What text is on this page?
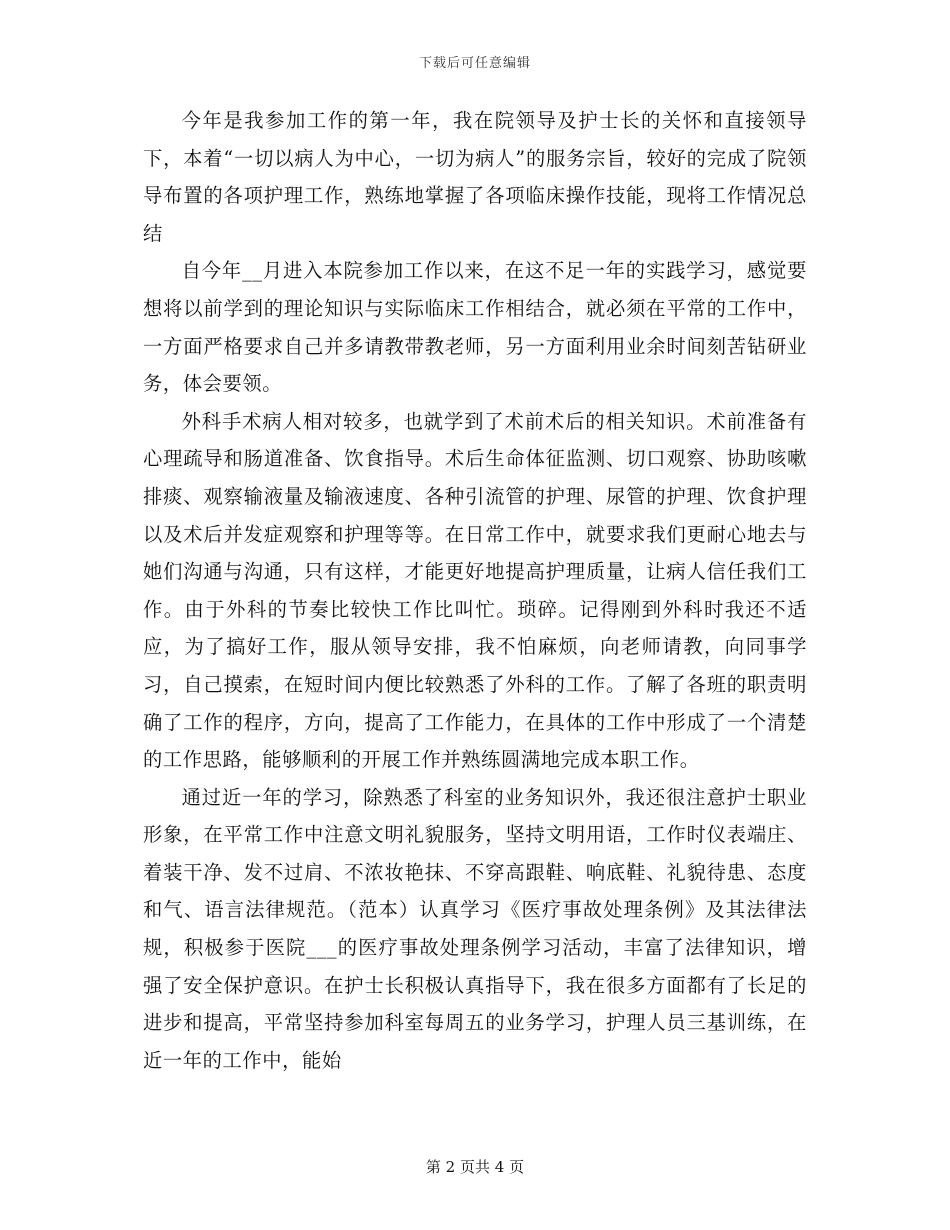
下载后可任意编辑

今年是我参加工作的第一年，我在院领导及护士长的关怀和直接领导下，本着“一切以病人为中心，一切为病人”的服务宗旨，较好的完成了院领导布置的各项护理工作，熟练地掌握了各项临床操作技能，现将工作情况总结

自今年__月进入本院参加工作以来，在这不足一年的实践学习，感觉要想将以前学到的理论知识与实际临床工作相结合，就必须在平常的工作中，一方面严格要求自己并多请教带教老师，另一方面利用业余时间刻苦钻研业务，体会要领。

外科手术病人相对较多，也就学到了术前术后的相关知识。术前准备有心理疏导和肠道准备、饮食指导。术后生命体征监测、切口观察、协助咳嗽排痰、观察输液量及输液速度、各种引流管的护理、尿管的护理、饮食护理以及术后并发症观察和护理等等。在日常工作中，就要求我们更耐心地去与她们沟通与沟通，只有这样，才能更好地提高护理质量，让病人信任我们工作。由于外科的节奏比较快工作比叫忙。琐碎。记得刚到外科时我还不适应，为了搞好工作，服从领导安排，我不怕麻烦，向老师请教，向同事学习，自己摸索，在短时间内便比较熟悉了外科的工作。了解了各班的职责明确了工作的程序，方向，提高了工作能力，在具体的工作中形成了一个清楚的工作思路，能够顺利的开展工作并熟练圆满地完成本职工作。

通过近一年的学习，除熟悉了科室的业务知识外，我还很注意护士职业形象，在平常工作中注意文明礼貌服务，坚持文明用语，工作时仪表端庄、着装干净、发不过肩、不浓妆艳抹、不穿高跟鞋、响底鞋、礼貌待患、态度和气、语言法律规范。（范本）认真学习《医疗事故处理条例》及其法律法规，积极参于医院___的医疗事故处理条例学习活动，丰富了法律知识，增强了安全保护意识。在护士长积极认真指导下，我在很多方面都有了长足的进步和提高，平常坚持参加科室每周五的业务学习，护理人员三基训练，在近一年的工作中，能始

第 2 页共 4 页
